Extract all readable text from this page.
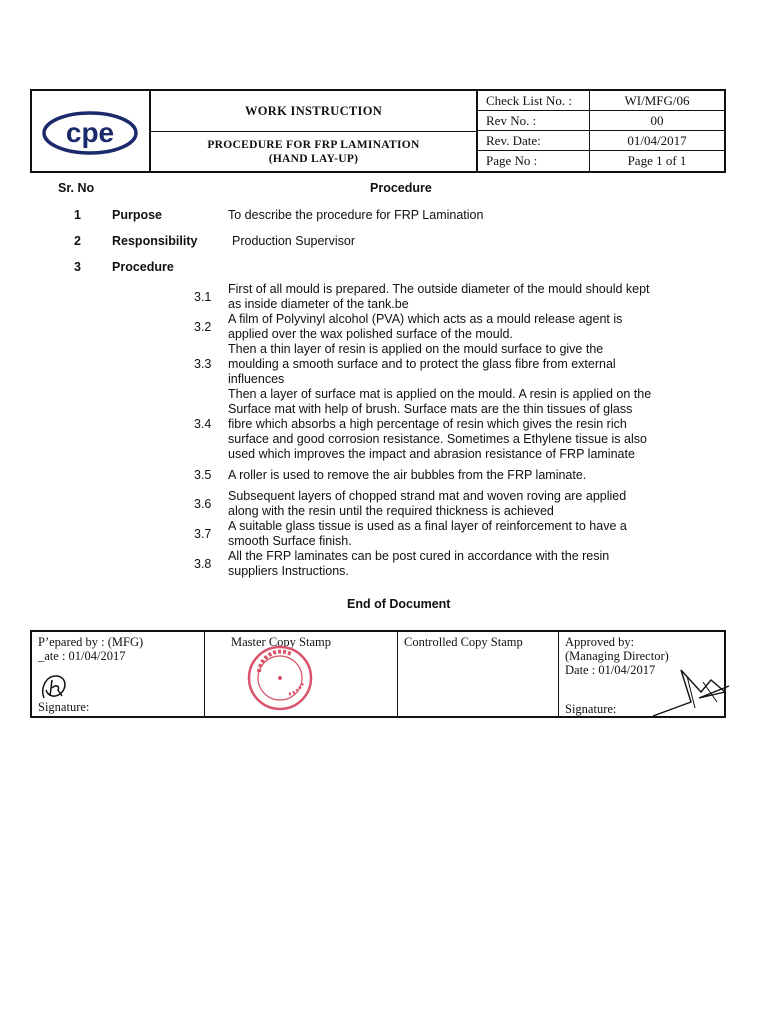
cpe
WORK INSTRUCTION
PROCEDURE FOR FRP LAMINATION
(HAND LAY-UP)
Check List No. :	WI/MFG/06
Rev No. :	00
Rev. Date:	01/04/2017
Page No :	Page 1 of 1
Sr. No	Procedure
1 Purpose	To describe the procedure for FRP Lamination
2 Responsibility	Production Supervisor
3 Procedure
3.1
First of all mould is prepared. The outside diameter of the mould should kept
as inside diameter of the tank.be
3.2
A film of Polyvinyl alcohol (PVA) which acts as a mould release agent is
applied over the wax polished surface of the mould.
3.3
Then a thin layer of resin is applied on the mould surface to give the
moulding a smooth surface and to protect the glass fibre from external
influences
3.4
Then a layer of surface mat is applied on the mould. A resin is applied on the
Surface mat with help of brush. Surface mats are the thin tissues of glass
fibre which absorbs a high percentage of resin which gives the resin rich
surface and good corrosion resistance. Sometimes a Ethylene tissue is also
used which improves the impact and abrasion resistance of FRP laminate
3.5 A roller is used to remove the air bubbles from the FRP laminate.
3.6
Subsequent layers of chopped strand mat and woven roving are applied
along with the resin until the required thickness is achieved
3.7
A suitable glass tissue is used as a final layer of reinforcement to have a
smooth Surface finish.
3.8
All the FRP laminates can be post cured in accordance with the resin
suppliers Instructions.
End of Document
P’epared by : (MFG)
_ate : 01/04/2017
Signature:
Master Copy Stamp	Controlled Copy Stamp	Approved by:
(Managing Director)
Date : 01/04/2017
Signature:
